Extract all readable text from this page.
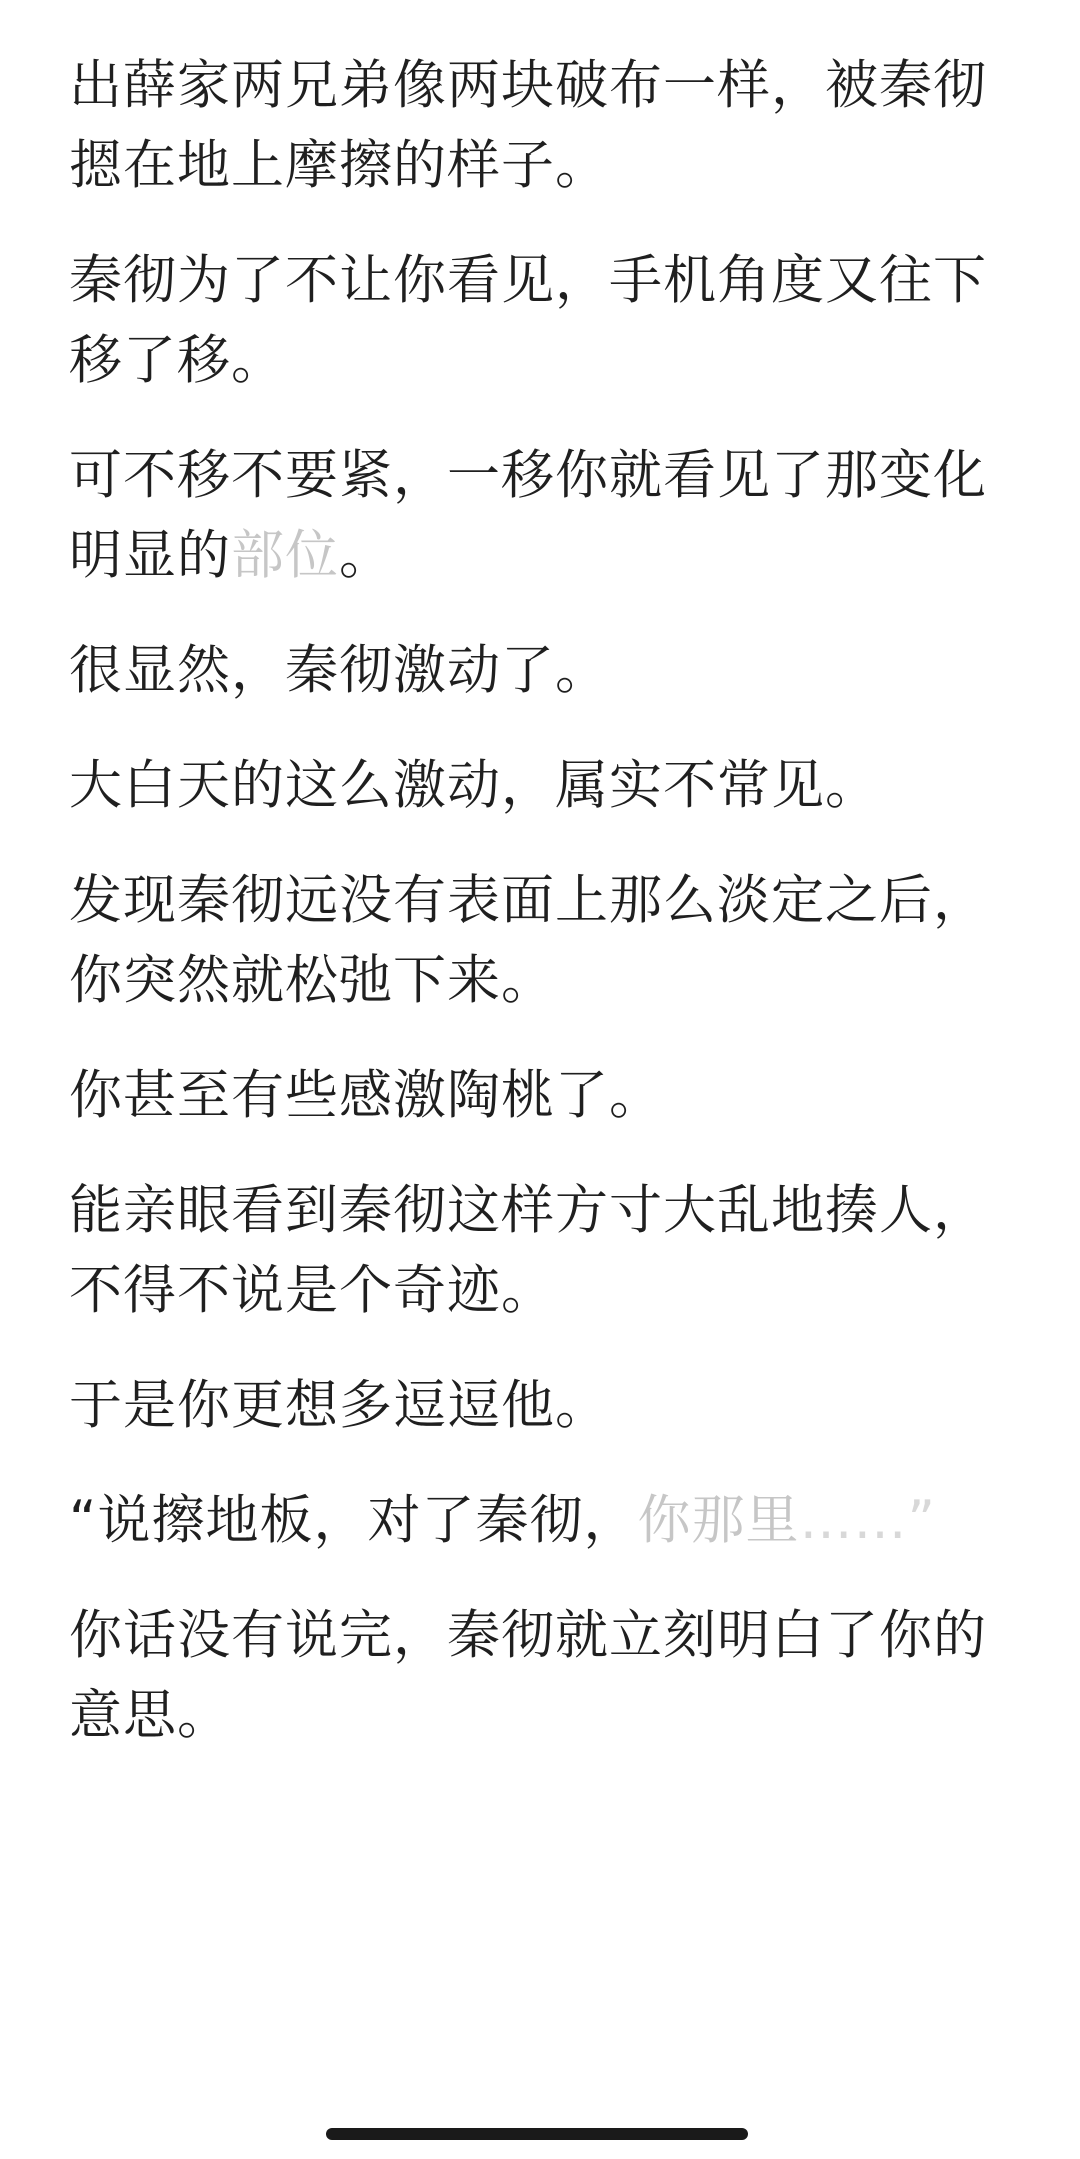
出薛家两兄弟像两块破布一样，被秦彻摁在地上摩擦的样子。

秦彻为了不让你看见，手机角度又往下移了移。

可不移不要紧，一移你就看见了那变化明显的部位。

很显然，秦彻激动了。

大白天的这么激动，属实不常见。

发现秦彻远没有表面上那么淡定之后，你突然就松弛下来。

你甚至有些感激陶桃了。

能亲眼看到秦彻这样方寸大乱地揍人，不得不说是个奇迹。

于是你更想多逗逗他。

“说擦地板，对了秦彻，你那里……”

你话没有说完，秦彻就立刻明白了你的意思。
